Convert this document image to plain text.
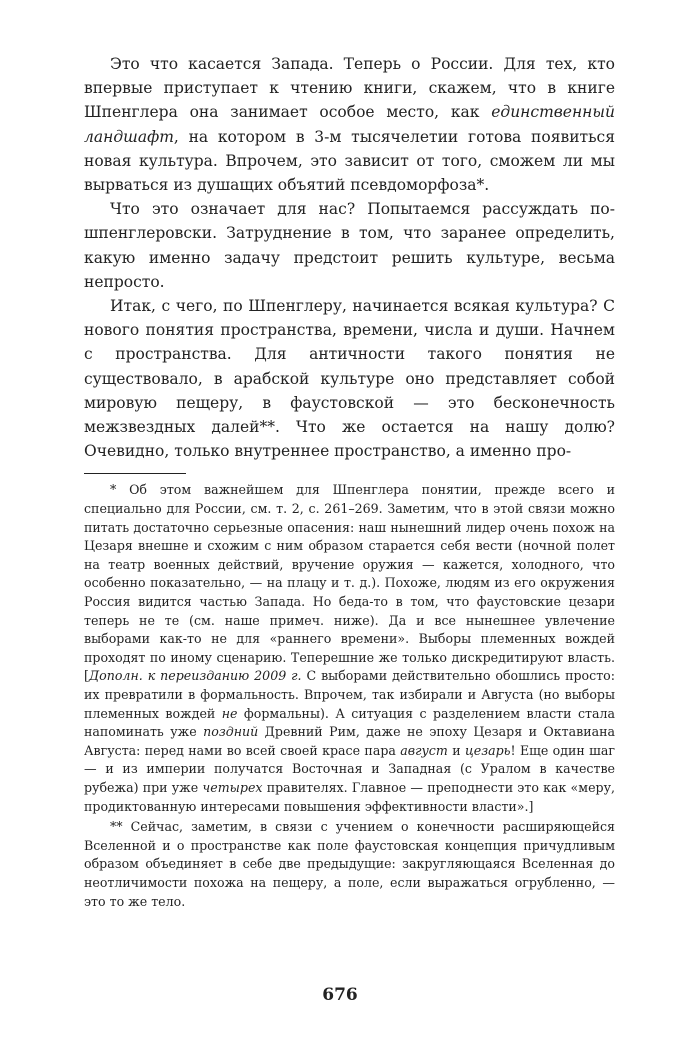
Это что касается Запада. Теперь о России. Для тех, кто впервые приступает к чтению книги, скажем, что в книге Шпенглера она занимает особое место, как единственный ландшафт, на котором в 3-м тысячелетии готова появиться новая культура. Впрочем, это зависит от того, сможем ли мы вырваться из душащих объятий псевдоморфоза*.

Что это означает для нас? Попытаемся рассуждать по-шпенглеровски. Затруднение в том, что заранее определить, какую именно задачу предстоит решить культуре, весьма непросто.

Итак, с чего, по Шпенглеру, начинается всякая культура? С нового понятия пространства, времени, числа и души. Начнем с пространства. Для античности такого понятия не существовало, в арабской культуре оно представляет собой мировую пещеру, в фаустовской — это бесконечность межзвездных далей**. Что же остается на нашу долю? Очевидно, только внутреннее пространство, а именно про-

* Об этом важнейшем для Шпенглера понятии, прежде всего и специально для России, см. т. 2, с. 261–269. Заметим, что в этой связи можно питать достаточно серьезные опасения: наш нынешний лидер очень похож на Цезаря внешне и схожим с ним образом старается себя вести (ночной полет на театр военных действий, вручение оружия — кажется, холодного, что особенно показательно, — на плацу и т. д.). Похоже, людям из его окружения Россия видится частью Запада. Но беда-то в том, что фаустовские цезари теперь не те (см. наше примеч. ниже). Да и все нынешнее увлечение выборами как-то не для «раннего времени». Выборы племенных вождей проходят по иному сценарию. Теперешние же только дискредитируют власть. [Дополн. к переизданию 2009 г. С выборами действительно обошлись просто: их превратили в формальность. Впрочем, так избирали и Августа (но выборы племенных вождей не формальны). А ситуация с разделением власти стала напоминать уже поздний Древний Рим, даже не эпоху Цезаря и Октавиана Августа: перед нами во всей своей красе пара август и цезарь! Еще один шаг — и из империи получатся Восточная и Западная (с Уралом в качестве рубежа) при уже четырех правителях. Главное — преподнести это как «меру, продиктованную интересами повышения эффективности власти».]

** Сейчас, заметим, в связи с учением о конечности расширяющейся Вселенной и о пространстве как поле фаустовская концепция причудливым образом объединяет в себе две предыдущие: закругляющаяся Вселенная до неотличимости похожа на пещеру, а поле, если выражаться огрубленно, — это то же тело.

676
